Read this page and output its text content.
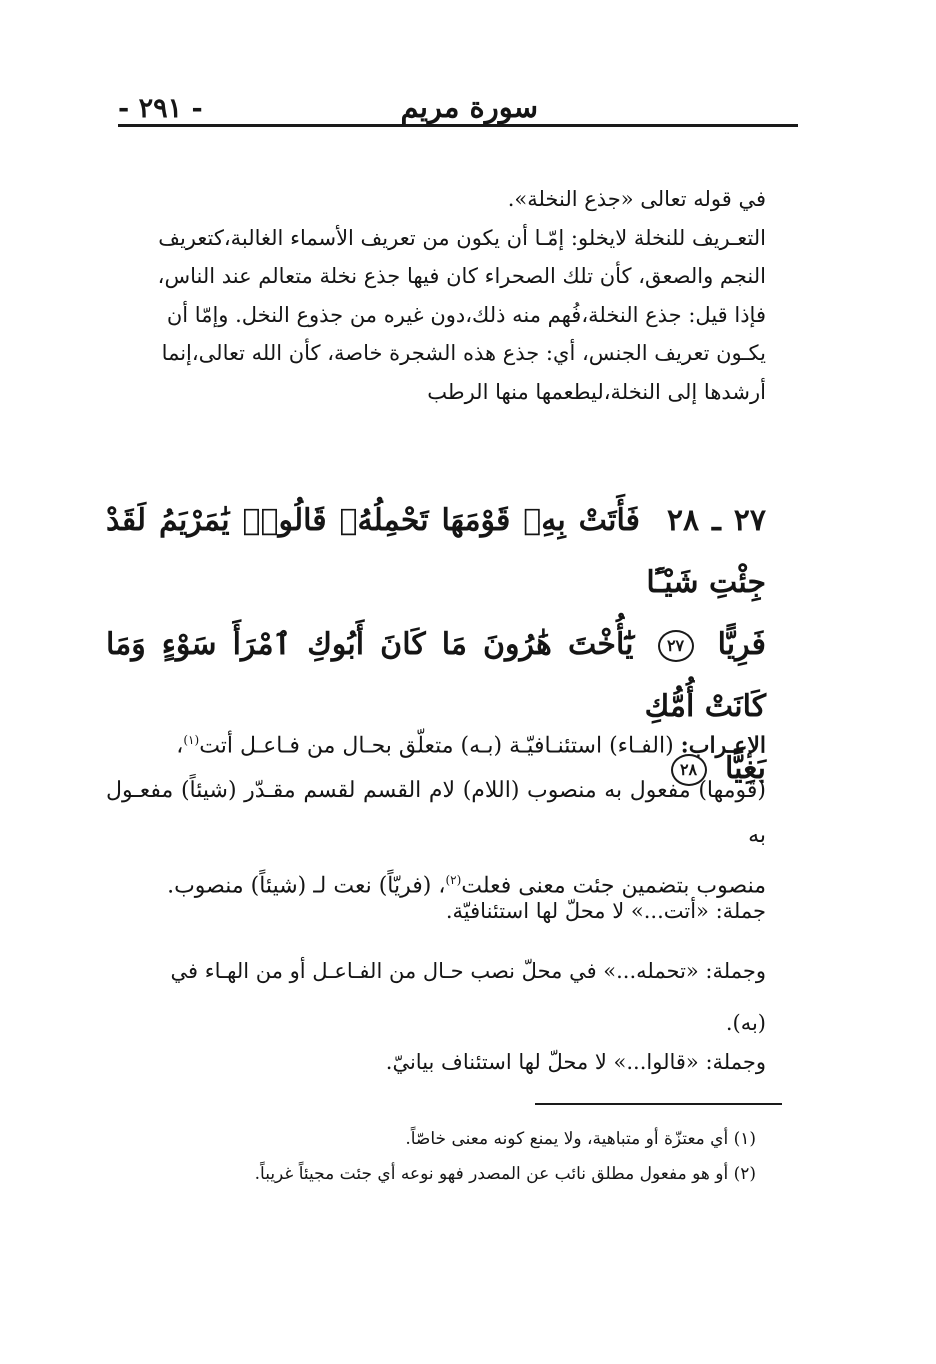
سورة مريم
- ٢٩١ -

في قوله تعالى «جذع النخلة».

التعـريف للنخلة لايخلو: إمّـا أن يكون من تعريف الأسماء الغالبة،كتعريف

النجم والصعق، كأن تلك الصحراء كان فيها جذع نخلة متعالم عند الناس،

فإذا قيل: جذع النخلة،فُهم منه ذلك،دون غيره من جذوع النخل. وإمّا أن

يكـون تعريف الجنس، أي: جذع هذه الشجرة خاصة، كأن الله تعالى،إنما

أرشدها إلى النخلة،ليطعمها منها الرطب

٢٧ ـ ٢٨ فَأَتَتْ بِهِۦ قَوْمَهَا تَحْمِلُهُۥ قَالُوا۟ يَٰمَرْيَمُ لَقَدْ جِئْتِ شَيْـًٔا

فَرِيًّا ٢٧ يَٰٓأُخْتَ هَٰرُونَ مَا كَانَ أَبُوكِ ٱمْرَأَ سَوْءٍ وَمَا كَانَتْ أُمُّكِ

بَغِيًّا ٢٨

الإعـراب: (الفـاء) استئنـافيّـة (بـه) متعلّق بحـال من فـاعـل أتت$^{(١)}$،

(قومها) مفعول به منصوب (اللام) لام القسم لقسم مقـدّر (شيئاً) مفعـول به

منصوب بتضمين جئت معنى فعلت$^{(٢)}$، (فريّاً) نعت لـ (شيئاً) منصوب.

جملة: «أتت...» لا محلّ لها استئنافيّة.

وجملة: «تحمله...» في محلّ نصب حـال من الفـاعـل أو من الهـاء في

(به).

وجملة: «قالوا...» لا محلّ لها استئناف بيانيّ.

(١) أي معتزّة أو متباهية، ولا يمنع كونه معنى خاصّاً.

(٢) أو هو مفعول مطلق نائب عن المصدر فهو نوعه أي جئت مجيئاً غريباً.
